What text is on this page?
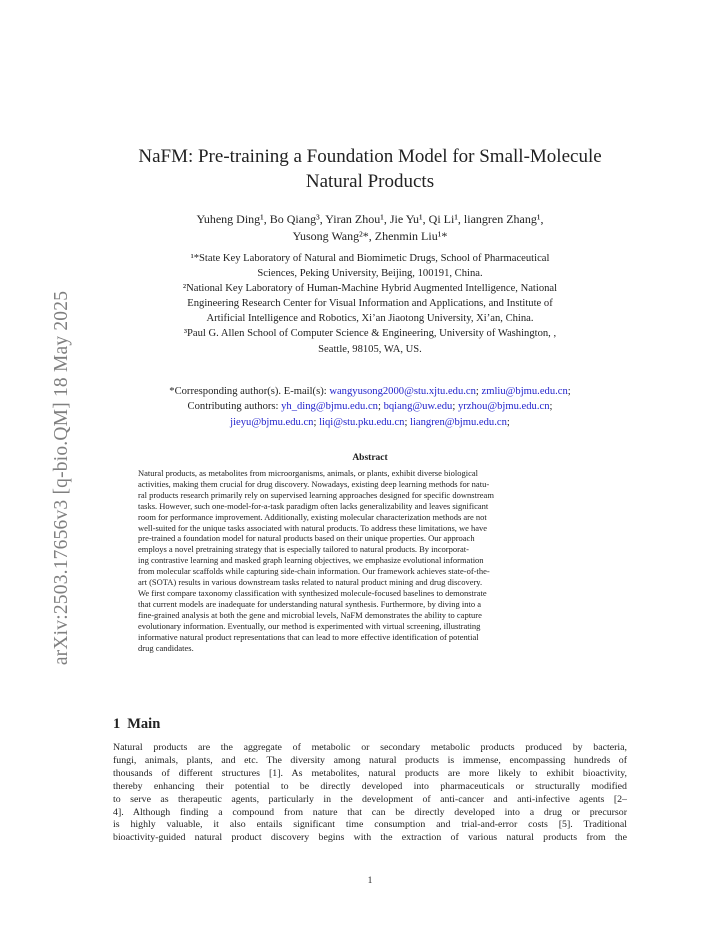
arXiv:2503.17656v3 [q-bio.QM] 18 May 2025
NaFM: Pre-training a Foundation Model for Small-Molecule
Natural Products
Yuheng Ding¹, Bo Qiang³, Yiran Zhou¹, Jie Yu¹, Qi Li¹, liangren Zhang¹,
Yusong Wang²*, Zhenmin Liu¹*
¹*State Key Laboratory of Natural and Biomimetic Drugs, School of Pharmaceutical
Sciences, Peking University, Beijing, 100191, China.
²National Key Laboratory of Human-Machine Hybrid Augmented Intelligence, National
Engineering Research Center for Visual Information and Applications, and Institute of
Artificial Intelligence and Robotics, Xi’an Jiaotong University, Xi’an, China.
³Paul G. Allen School of Computer Science & Engineering, University of Washington, ,
Seattle, 98105, WA, US.
*Corresponding author(s). E-mail(s): wangyusong2000@stu.xjtu.edu.cn; zmliu@bjmu.edu.cn;
Contributing authors: yh_ding@bjmu.edu.cn; bqiang@uw.edu; yrzhou@bjmu.edu.cn;
jieyu@bjmu.edu.cn; liqi@stu.pku.edu.cn; liangren@bjmu.edu.cn;
Abstract
Natural products, as metabolites from microorganisms, animals, or plants, exhibit diverse biological
activities, making them crucial for drug discovery. Nowadays, existing deep learning methods for natu-
ral products research primarily rely on supervised learning approaches designed for specific downstream
tasks. However, such one-model-for-a-task paradigm often lacks generalizability and leaves significant
room for performance improvement. Additionally, existing molecular characterization methods are not
well-suited for the unique tasks associated with natural products. To address these limitations, we have
pre-trained a foundation model for natural products based on their unique properties. Our approach
employs a novel pretraining strategy that is especially tailored to natural products. By incorporat-
ing contrastive learning and masked graph learning objectives, we emphasize evolutional information
from molecular scaffolds while capturing side-chain information. Our framework achieves state-of-the-
art (SOTA) results in various downstream tasks related to natural product mining and drug discovery.
We first compare taxonomy classification with synthesized molecule-focused baselines to demonstrate
that current models are inadequate for understanding natural synthesis. Furthermore, by diving into a
fine-grained analysis at both the gene and microbial levels, NaFM demonstrates the ability to capture
evolutionary information. Eventually, our method is experimented with virtual screening, illustrating
informative natural product representations that can lead to more effective identification of potential
drug candidates.
1 Main
Natural products are the aggregate of metabolic or secondary metabolic products produced by bacteria,
fungi, animals, plants, and etc. The diversity among natural products is immense, encompassing hundreds of
thousands of different structures [1]. As metabolites, natural products are more likely to exhibit bioactivity,
thereby enhancing their potential to be directly developed into pharmaceuticals or structurally modified
to serve as therapeutic agents, particularly in the development of anti-cancer and anti-infective agents [2–
4]. Although finding a compound from nature that can be directly developed into a drug or precursor
is highly valuable, it also entails significant time consumption and trial-and-error costs [5]. Traditional
bioactivity-guided natural product discovery begins with the extraction of various natural products from the
1
